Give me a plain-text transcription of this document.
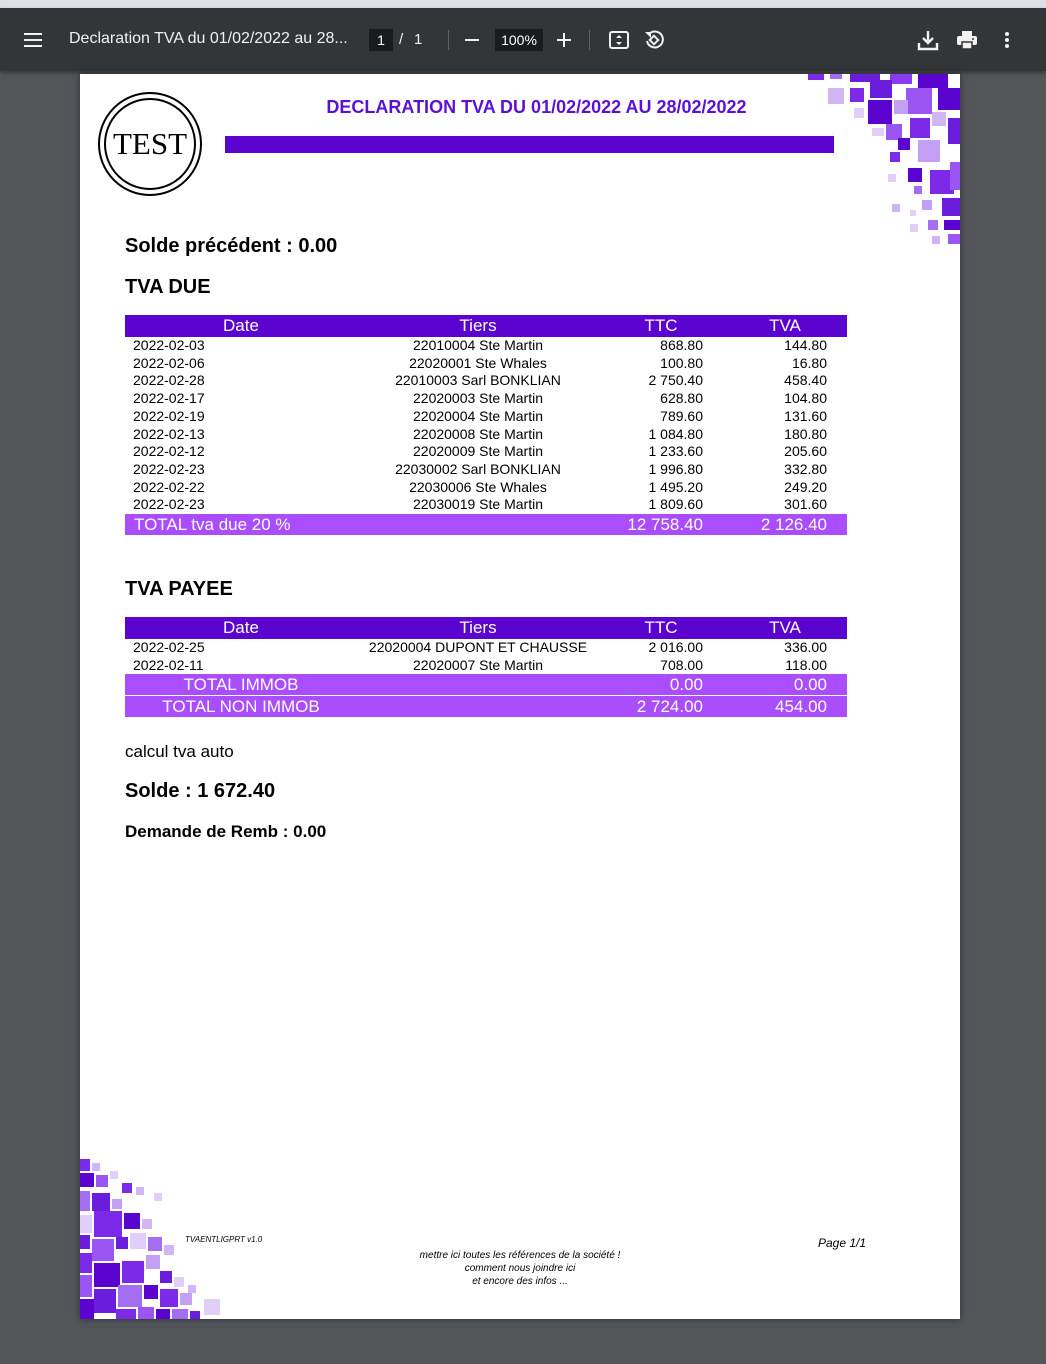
Declaration TVA du 01/02/2022 au 28...	1 / 1	100%
TEST
DECLARATION TVA DU 01/02/2022 AU 28/02/2022
Solde précédent : 0.00
TVA DUE
Date	Tiers	TTC	TVA
2022-02-03	22010004 Ste Martin	868.80	144.80
2022-02-06	22020001 Ste Whales	100.80	16.80
2022-02-28	22010003 Sarl BONKLIAN	2 750.40	458.40
2022-02-17	22020003 Ste Martin	628.80	104.80
2022-02-19	22020004 Ste Martin	789.60	131.60
2022-02-13	22020008 Ste Martin	1 084.80	180.80
2022-02-12	22020009 Ste Martin	1 233.60	205.60
2022-02-23	22030002 Sarl BONKLIAN	1 996.80	332.80
2022-02-22	22030006 Ste Whales	1 495.20	249.20
2022-02-23	22030019 Ste Martin	1 809.60	301.60
TOTAL tva due 20 %		12 758.40	2 126.40
TVA PAYEE
Date	Tiers	TTC	TVA
2022-02-25	22020004 DUPONT ET CHAUSSE	2 016.00	336.00
2022-02-11	22020007 Ste Martin	708.00	118.00
TOTAL IMMOB		0.00	0.00
TOTAL NON IMMOB		2 724.00	454.00
calcul tva auto
Solde : 1 672.40
Demande de Remb : 0.00
TVAENTLIGPRT v1.0	Page 1/1
mettre ici toutes les références de la société !
comment nous joindre ici
et encore des infos ...
